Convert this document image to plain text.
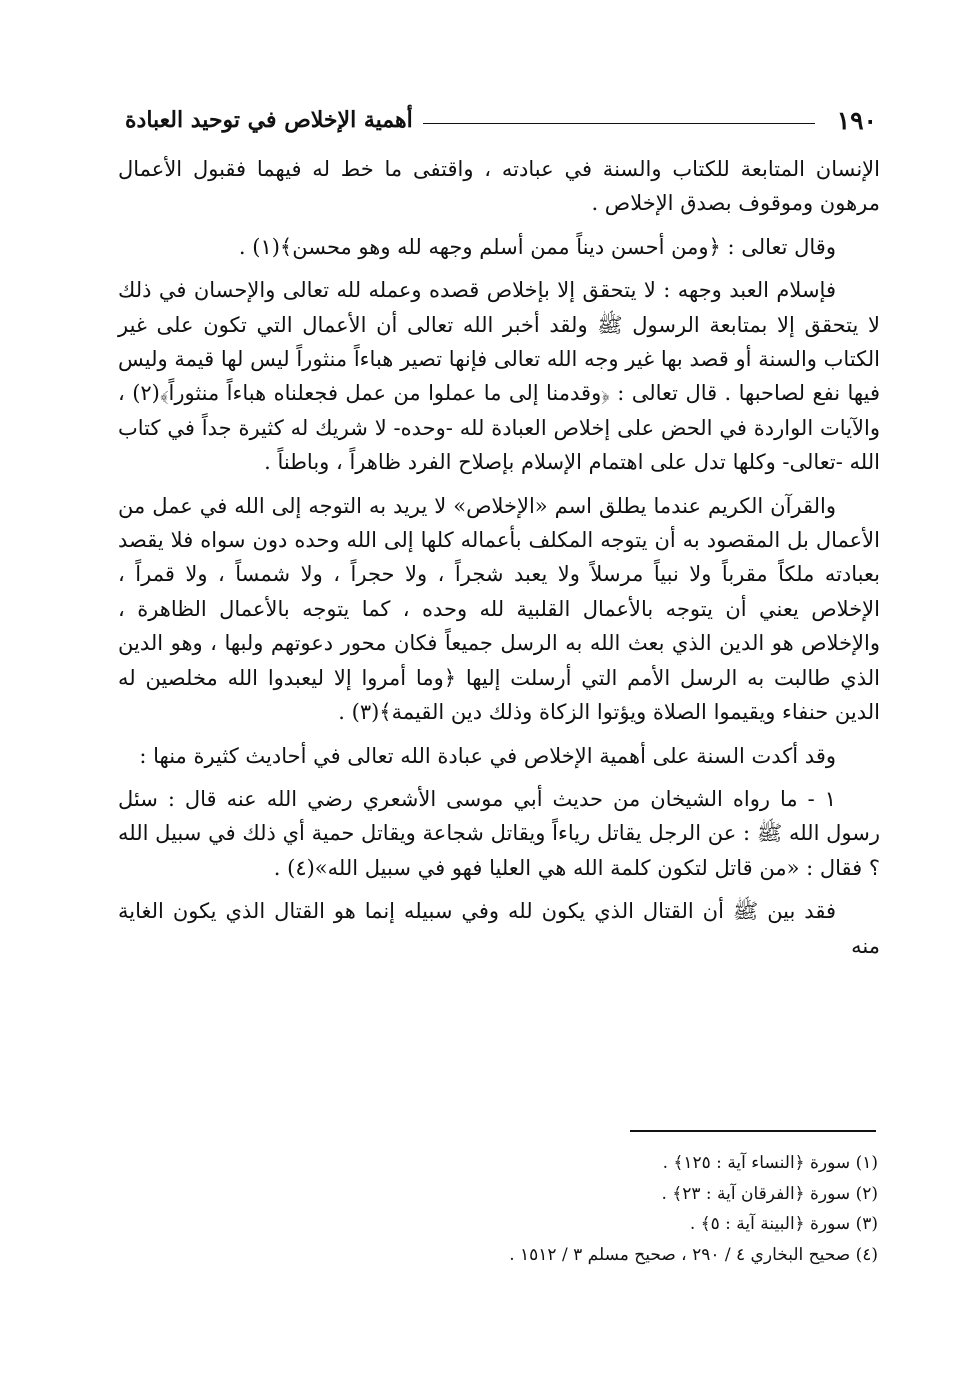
١٩٠
أهمية الإخلاص في توحيد العبادة

الإنسان المتابعة للكتاب والسنة في عبادته ، واقتفى ما خط له فيهما فقبول الأعمال مرهون وموقوف بصدق الإخلاص .

وقال تعالى : ﴿ومن أحسن ديناً ممن أسلم وجهه لله وهو محسن﴾(١) .

فإسلام العبد وجهه : لا يتحقق إلا بإخلاص قصده وعمله لله تعالى والإحسان في ذلك لا يتحقق إلا بمتابعة الرسول ﷺ ولقد أخبر الله تعالى أن الأعمال التي تكون على غير الكتاب والسنة أو قصد بها غير وجه الله تعالى فإنها تصير هباءاً منثوراً ليس لها قيمة وليس فيها نفع لصاحبها . قال تعالى : ﴿وقدمنا إلى ما عملوا من عمل فجعلناه هباءاً منثوراً﴾(٢) ، والآيات الواردة في الحض على إخلاص العبادة لله -وحده- لا شريك له كثيرة جداً في كتاب الله -تعالى- وكلها تدل على اهتمام الإسلام بإصلاح الفرد ظاهراً ، وباطناً .

والقرآن الكريم عندما يطلق اسم «الإخلاص» لا يريد به التوجه إلى الله في عمل من الأعمال بل المقصود به أن يتوجه المكلف بأعماله كلها إلى الله وحده دون سواه فلا يقصد بعبادته ملكاً مقرباً ولا نبياً مرسلاً ولا يعبد شجراً ، ولا حجراً ، ولا شمساً ، ولا قمراً ، الإخلاص يعني أن يتوجه بالأعمال القلبية لله وحده ، كما يتوجه بالأعمال الظاهرة ، والإخلاص هو الدين الذي بعث الله به الرسل جميعاً فكان محور دعوتهم ولبها ، وهو الدين الذي طالبت به الرسل الأمم التي أرسلت إليها ﴿وما أمروا إلا ليعبدوا الله مخلصين له الدين حنفاء ويقيموا الصلاة ويؤتوا الزكاة وذلك دين القيمة﴾(٣) .

وقد أكدت السنة على أهمية الإخلاص في عبادة الله تعالى في أحاديث كثيرة منها :

١ - ما رواه الشيخان من حديث أبي موسى الأشعري رضي الله عنه قال : سئل رسول الله ﷺ : عن الرجل يقاتل رياءاً ويقاتل شجاعة ويقاتل حمية أي ذلك في سبيل الله ؟ فقال : «من قاتل لتكون كلمة الله هي العليا فهو في سبيل الله»(٤) .

فقد بين ﷺ أن القتال الذي يكون لله وفي سبيله إنما هو القتال الذي يكون الغاية منه

(١) سورة ﴿النساء آية : ١٢٥﴾ .
(٢) سورة ﴿الفرقان آية : ٢٣﴾ .
(٣) سورة ﴿البينة آية : ٥﴾ .
(٤) صحيح البخاري ٤ / ٢٩٠ ، صحيح مسلم ٣ / ١٥١٢ .
